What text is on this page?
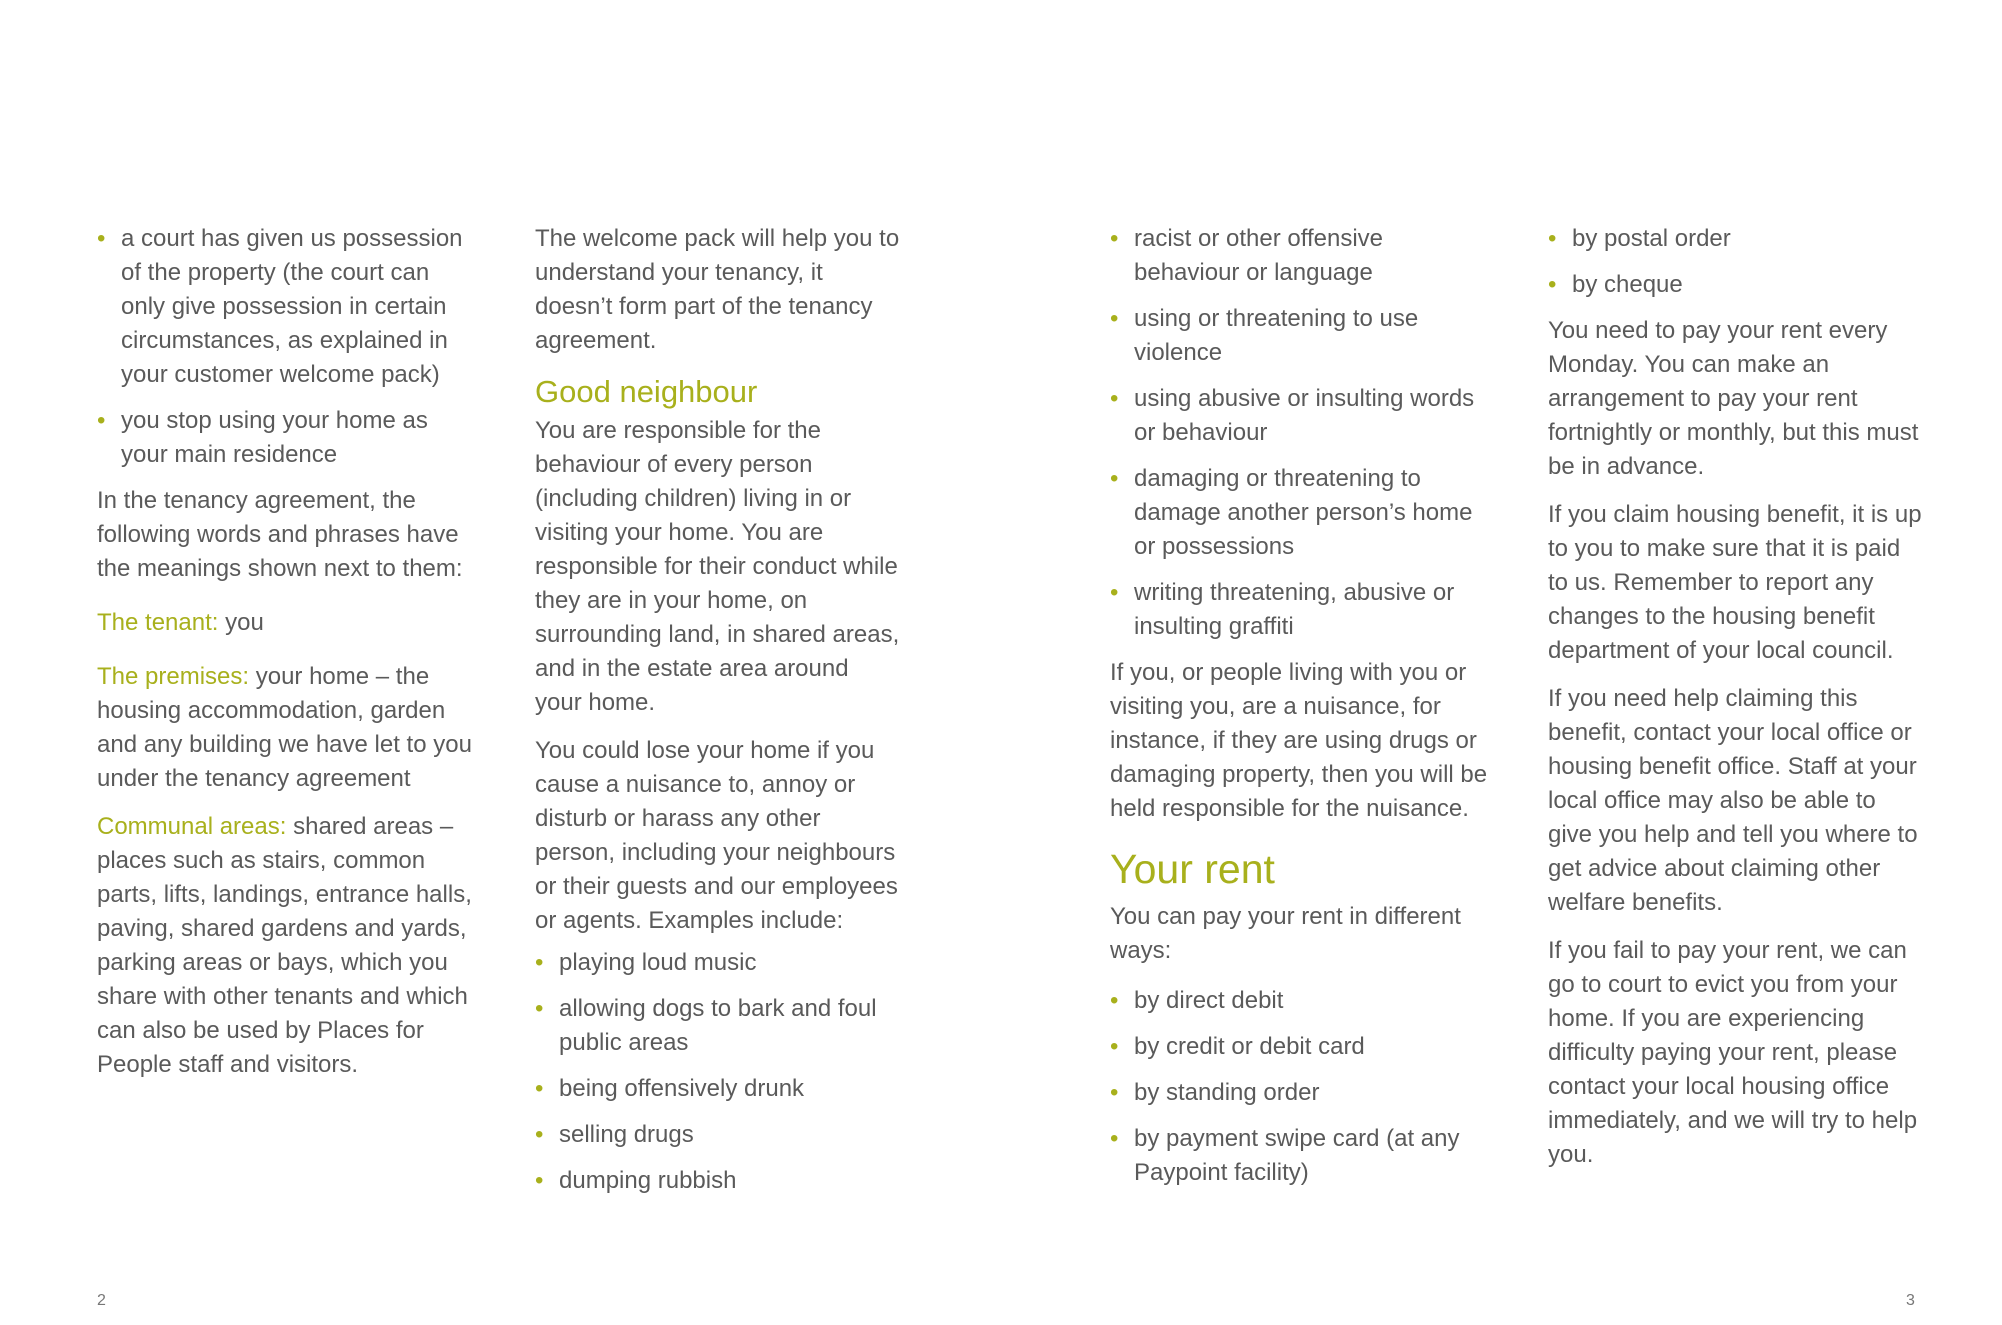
• a court has given us possession of the property (the court can only give possession in certain circumstances, as explained in your customer welcome pack)
• you stop using your home as your main residence

In the tenancy agreement, the following words and phrases have the meanings shown next to them:

The tenant: you

The premises: your home – the housing accommodation, garden and any building we have let to you under the tenancy agreement

Communal areas: shared areas – places such as stairs, common parts, lifts, landings, entrance halls, paving, shared gardens and yards, parking areas or bays, which you share with other tenants and which can also be used by Places for People staff and visitors.

The welcome pack will help you to understand your tenancy, it doesn’t form part of the tenancy agreement.

Good neighbour

You are responsible for the behaviour of every person (including children) living in or visiting your home. You are responsible for their conduct while they are in your home, on surrounding land, in shared areas, and in the estate area around your home.

You could lose your home if you cause a nuisance to, annoy or disturb or harass any other person, including your neighbours or their guests and our employees or agents. Examples include:

• playing loud music
• allowing dogs to bark and foul public areas
• being offensively drunk
• selling drugs
• dumping rubbish
• racist or other offensive behaviour or language
• using or threatening to use violence
• using abusive or insulting words or behaviour
• damaging or threatening to damage another person’s home or possessions
• writing threatening, abusive or insulting graffiti

If you, or people living with you or visiting you, are a nuisance, for instance, if they are using drugs or damaging property, then you will be held responsible for the nuisance.

Your rent

You can pay your rent in different ways:

• by direct debit
• by credit or debit card
• by standing order
• by payment swipe card (at any Paypoint facility)
• by postal order
• by cheque

You need to pay your rent every Monday. You can make an arrangement to pay your rent fortnightly or monthly, but this must be in advance.

If you claim housing benefit, it is up to you to make sure that it is paid to us. Remember to report any changes to the housing benefit department of your local council.

If you need help claiming this benefit, contact your local office or housing benefit office. Staff at your local office may also be able to give you help and tell you where to get advice about claiming other welfare benefits.

If you fail to pay your rent, we can go to court to evict you from your home. If you are experiencing difficulty paying your rent, please contact your local housing office immediately, and we will try to help you.

2	3
